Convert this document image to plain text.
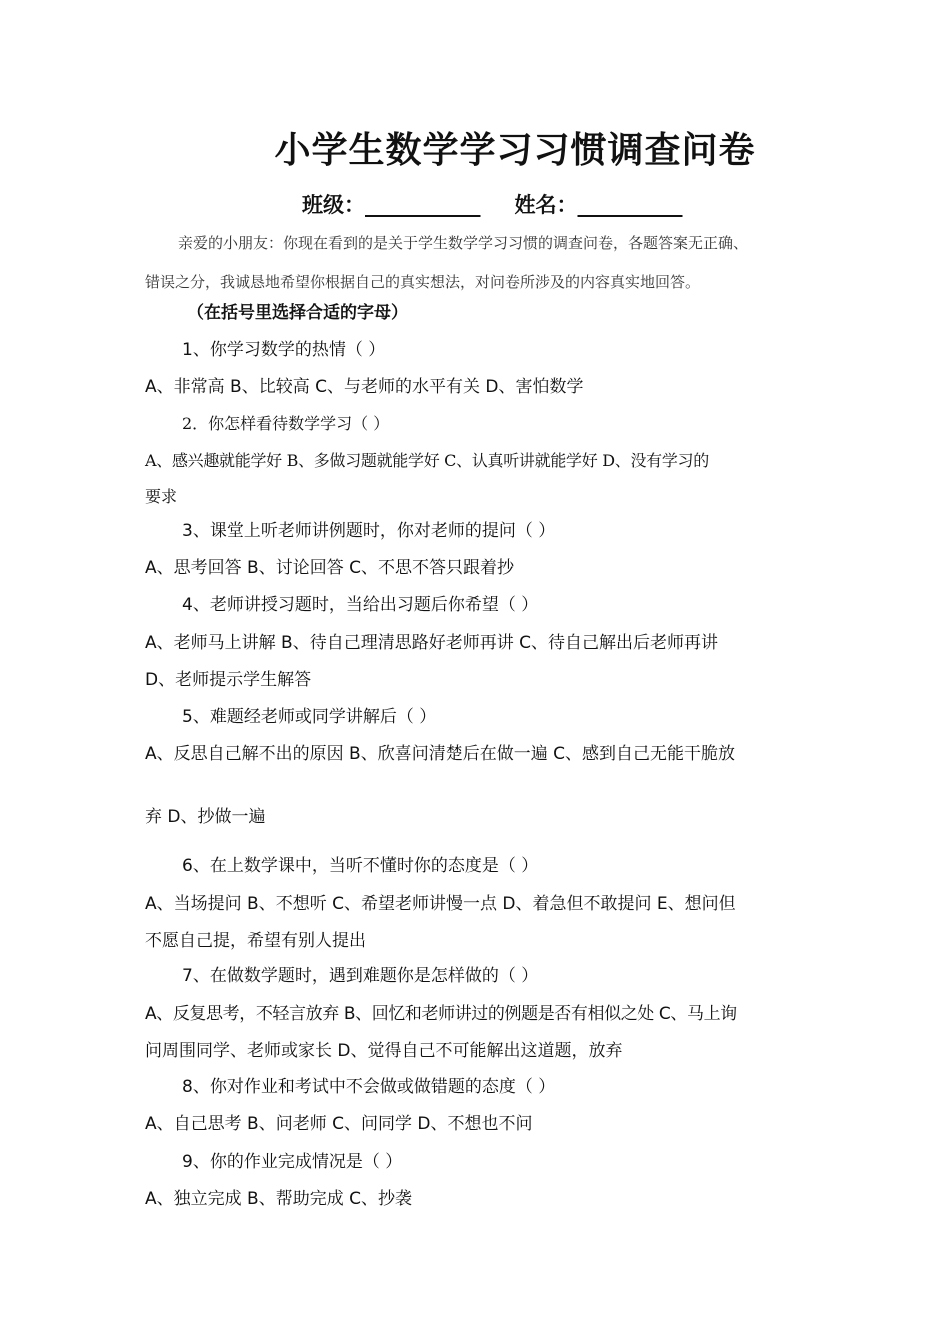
小学生数学学习习惯调查问卷
班级：___________ 姓名：__________
亲爱的小朋友：你现在看到的是关于学生数学学习习惯的调查问卷，各题答案无正确、
错误之分，我诚恳地希望你根据自己的真实想法，对问卷所涉及的内容真实地回答。
（在括号里选择合适的字母）
1、你学习数学的热情（ ）
A、非常高 B、比较高 C、与老师的水平有关 D、害怕数学
2．你怎样看待数学学习（ ）
A、感兴趣就能学好 B、多做习题就能学好 C、认真听讲就能学好 D、没有学习的
要求
3、课堂上听老师讲例题时，你对老师的提问（ ）
A、思考回答 B、讨论回答 C、不思不答只跟着抄
4、老师讲授习题时，当给出习题后你希望（ ）
A、老师马上讲解 B、待自己理清思路好老师再讲 C、待自己解出后老师再讲
D、老师提示学生解答
5、难题经老师或同学讲解后（ ）
A、反思自己解不出的原因 B、欣喜问清楚后在做一遍 C、感到自己无能干脆放
弃 D、抄做一遍
6、在上数学课中，当听不懂时你的态度是（ ）
A、当场提问 B、不想听 C、希望老师讲慢一点 D、着急但不敢提问 E、想问但
不愿自己提，希望有别人提出
7、在做数学题时，遇到难题你是怎样做的（ ）
A、反复思考，不轻言放弃 B、回忆和老师讲过的例题是否有相似之处 C、马上询
问周围同学、老师或家长 D、觉得自己不可能解出这道题，放弃
8、你对作业和考试中不会做或做错题的态度（ ）
A、自己思考 B、问老师 C、问同学 D、不想也不问
9、你的作业完成情况是（ ）
A、独立完成 B、帮助完成 C、抄袭
